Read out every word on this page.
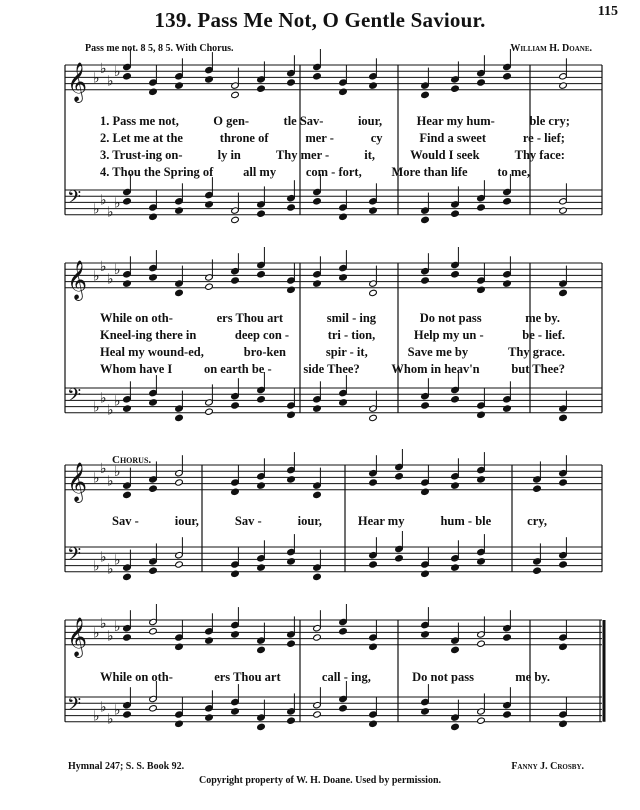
115
139. Pass Me Not, O Gentle Saviour.
Pass me not. 8 5, 8 5. With Chorus.	William H. Doane.
𝄞 ♭
♭
♭
♭
𝄢 ♭
♭
♭
♭
𝄞 ♭
♭
♭
♭
𝄢 ♭
♭
♭
♭
𝄞 ♭
♭
♭
♭
𝄢 ♭
♭
♭
♭
𝄞 ♭
♭
♭
♭
𝄢 ♭
♭
♭
♭
1. Pass me not,	O gen-	tle Sav-	iour,	Hear my hum-	ble cry;
2. Let me at the	throne of	mer -	cy	Find a sweet	re - lief;
3. Trust-ing on-	ly in	Thy mer -	it,	Would I seek	Thy face:
4. Thou the Spring of all my com - fort, More than life to me,
While on oth-	ers Thou art	smil - ing	Do not pass	me by.
Kneel-ing there in	deep con -	tri - tion,	Help my un -	be - lief.
Heal my wound-ed,	bro-ken	spir - it,	Save me by	Thy grace.
Whom have I	on earth be -	side Thee?	Whom in heav'n	but Thee?
Chorus.
Sav -	iour,	Sav -	iour,	Hear my	hum - ble	cry,
While on oth-	ers Thou art	call - ing,	Do not pass	me by.
Hymnal 247; S. S. Book 92.	Fanny J. Crosby.
Copyright property of W. H. Doane. Used by permission.
